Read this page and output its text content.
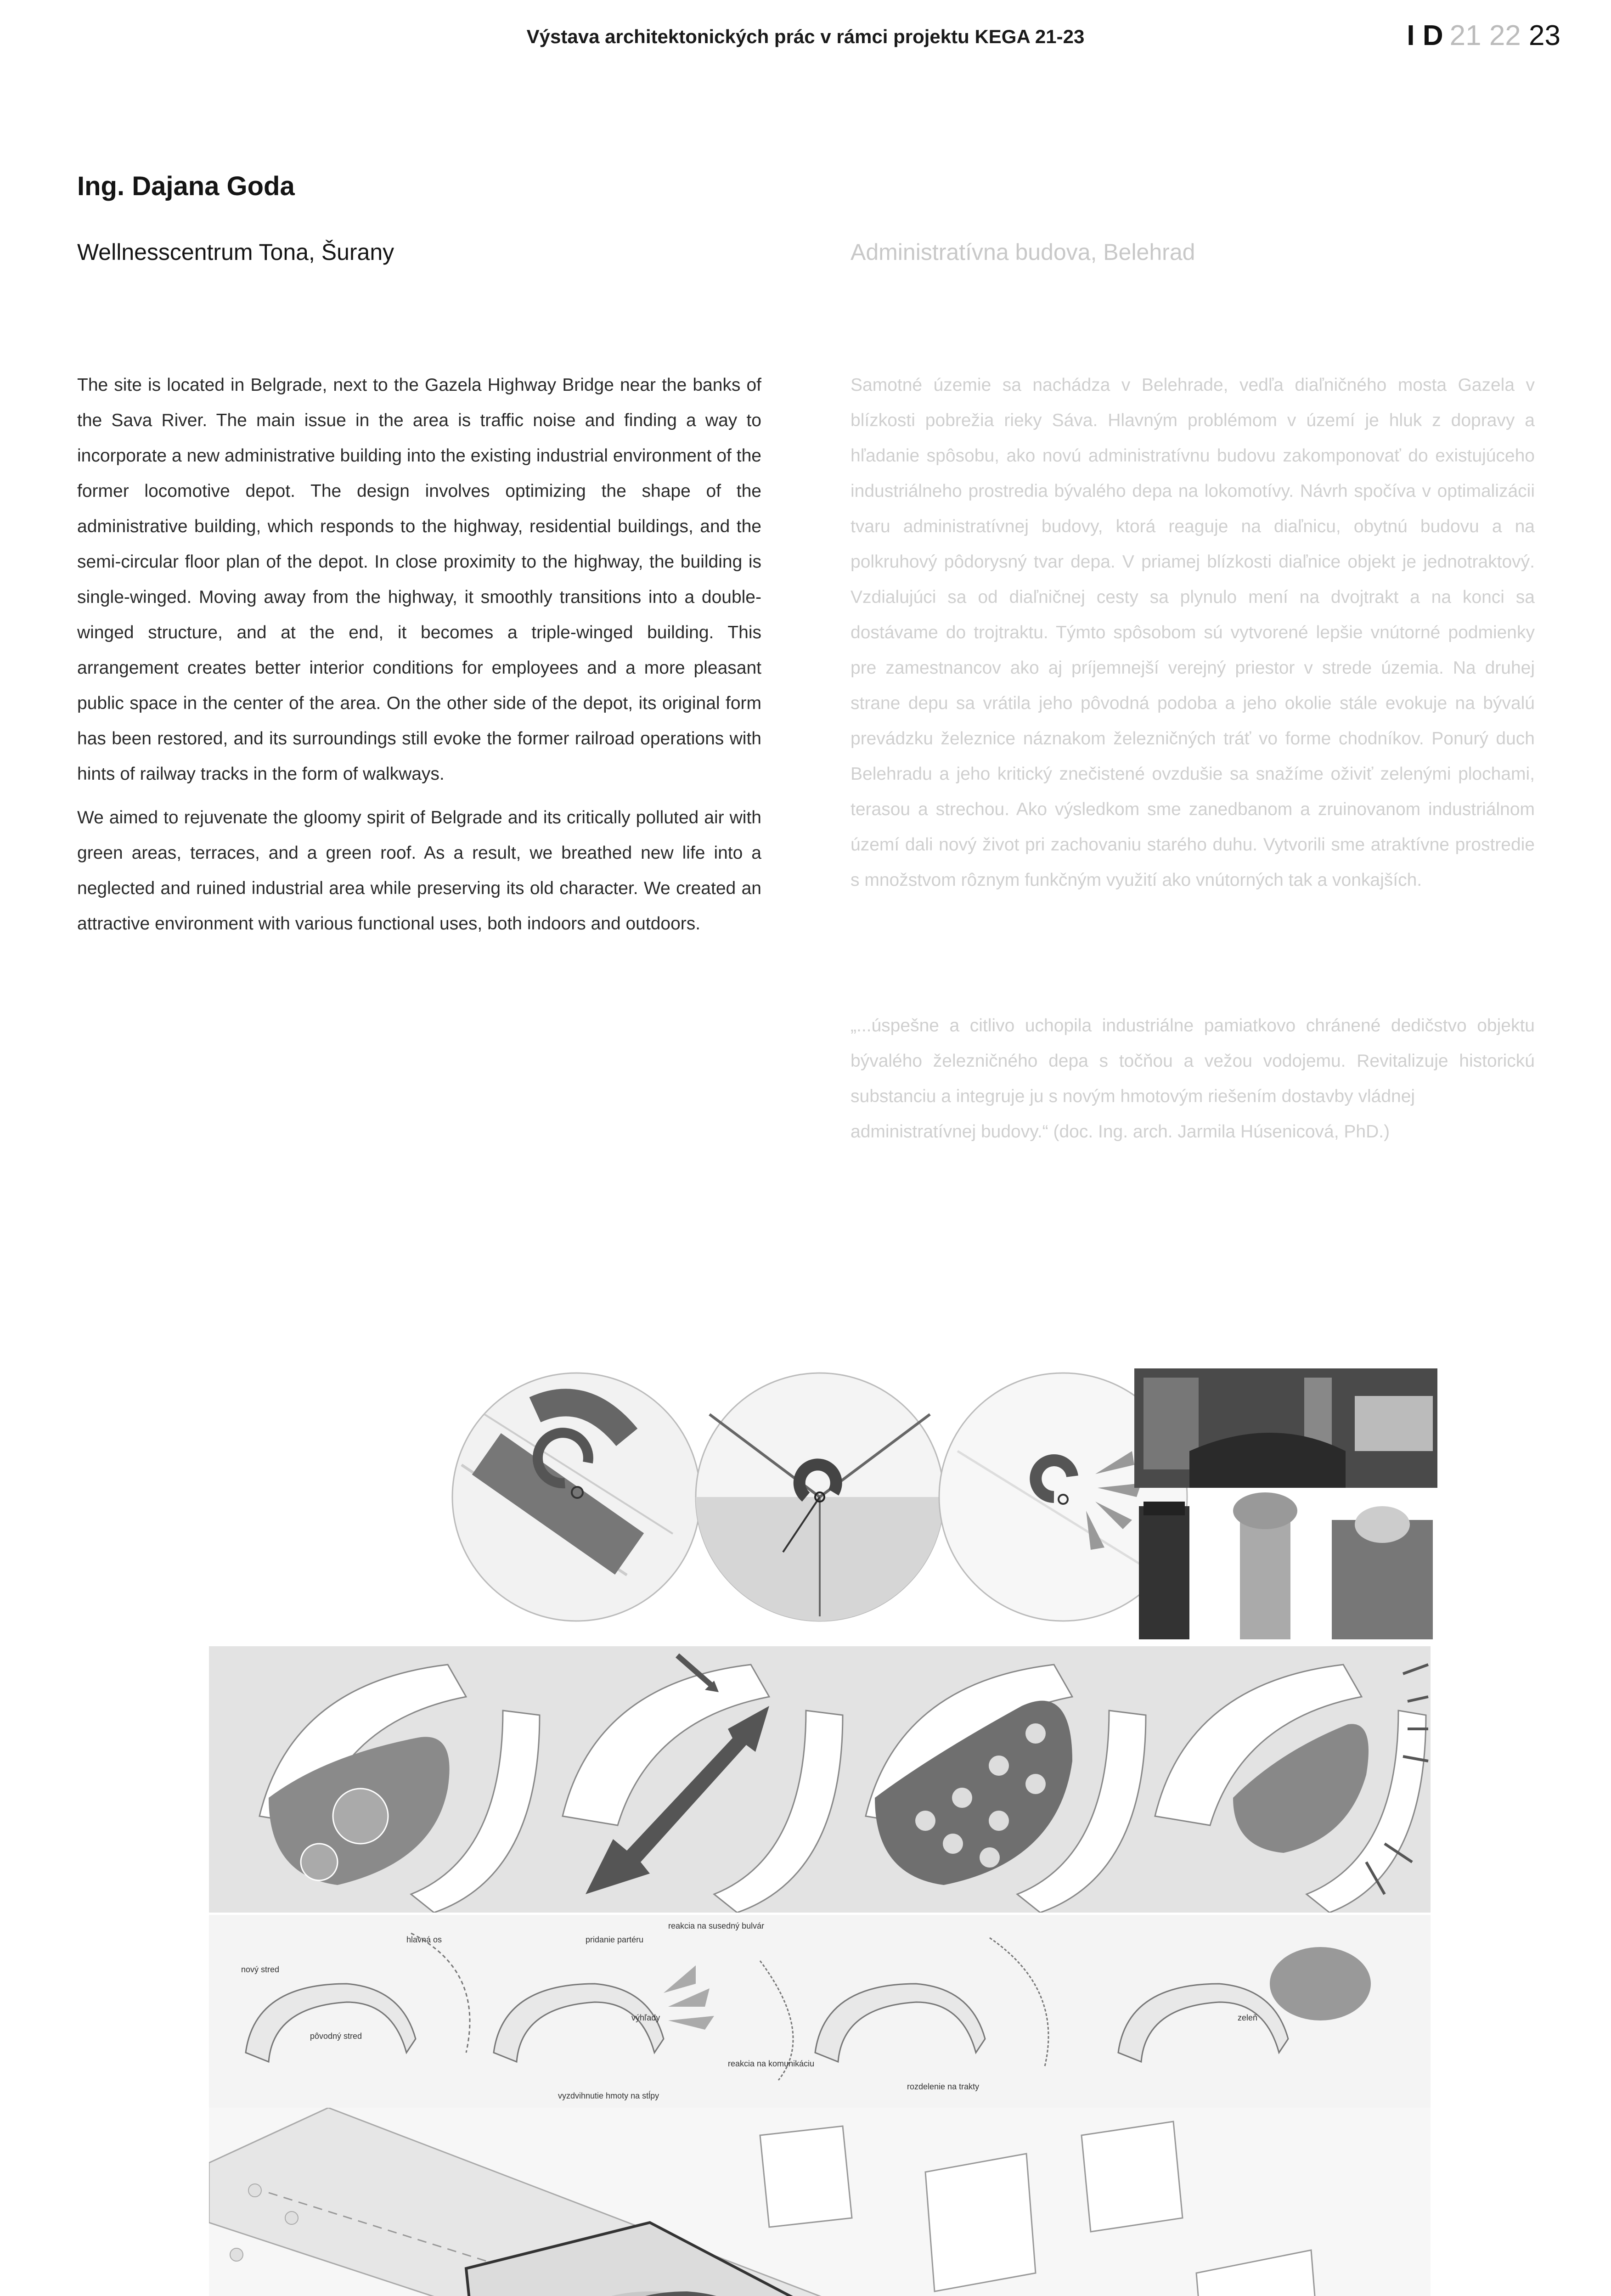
Výstava architektonických prác v rámci projektu KEGA 21-23	I D 21 22 23
Ing. Dajana Goda
Wellnesscentrum Tona, Šurany	Administratívna budova, Belehrad

The site is located in Belgrade, next to the Gazela Highway Bridge near the banks of the Sava River. The main issue in the area is traffic noise and finding a way to incorporate a new administrative building into the existing industrial environment of the former locomotive depot. The design involves optimizing the shape of the administrative building, which responds to the highway, residential buildings, and the semi-circular floor plan of the depot. In close proximity to the highway, the building is single-winged. Moving away from the highway, it smoothly transitions into a double-winged structure, and at the end, it becomes a triple-winged building. This arrangement creates better interior conditions for employees and a more pleasant public space in the center of the area. On the other side of the depot, its original form has been restored, and its surroundings still evoke the former railroad operations with hints of railway tracks in the form of walkways.

We aimed to rejuvenate the gloomy spirit of Belgrade and its critically polluted air with green areas, terraces, and a green roof. As a result, we breathed new life into a neglected and ruined industrial area while preserving its old character. We created an attractive environment with various functional uses, both indoors and outdoors.

Samotné územie sa nachádza v Belehrade, vedľa diaľničného mosta Gazela v blízkosti pobrežia rieky Sáva. Hlavným problémom v území je hluk z dopravy a hľadanie spôsobu, ako novú administratívnu budovu zakomponovať do existujúceho industriálneho prostredia bývalého depa na lokomotívy. Návrh spočíva v optimalizácii tvaru administratívnej budovy, ktorá reaguje na diaľnicu, obytnú budovu a na polkruhový pôdorysný tvar depa. V priamej blízkosti diaľnice objekt je jednotraktový. Vzdialujúci sa od diaľničnej cesty sa plynulo mení na dvojtrakt a na konci sa dostávame do trojtraktu. Týmto spôsobom sú vytvorené lepšie vnútorné podmienky pre zamestnancov ako aj príjemnejší verejný priestor v strede územia. Na druhej strane depu sa vrátila jeho pôvodná podoba a jeho okolie stále evokuje na bývalú prevádzku železnice náznakom železničných tráť vo forme chodníkov. Ponurý duch Belehradu a jeho kritický znečistené ovzdušie sa snažíme oživiť zelenými plochami, terasou a strechou. Ako výsledkom sme zanedbanom a zruinovanom industriálnom území dali nový život pri zachovaniu starého duhu. Vytvorili sme atraktívne prostredie s množstvom rôznym funkčným využití ako vnútorných tak a vonkajších.

„...úspešne a citlivo uchopila industriálne pamiatkovo chránené dedičstvo objektu bývalého železničného depa s točňou a vežou vodojemu. Revitalizuje historickú substanciu a integruje ju s novým hmotovým riešením dostavby vládnej
administratívnej budovy.“ (doc. Ing. arch. Jarmila Húsenicová, PhD.)
nový stred
pôvodný stred
hlavná os	pridanie partéru
reakcia na susedný bulvár
výhľady
reakcia na komunikáciu
vyzdvihnutie hmoty na stĺpy
rozdelenie na trakty
zeleň
